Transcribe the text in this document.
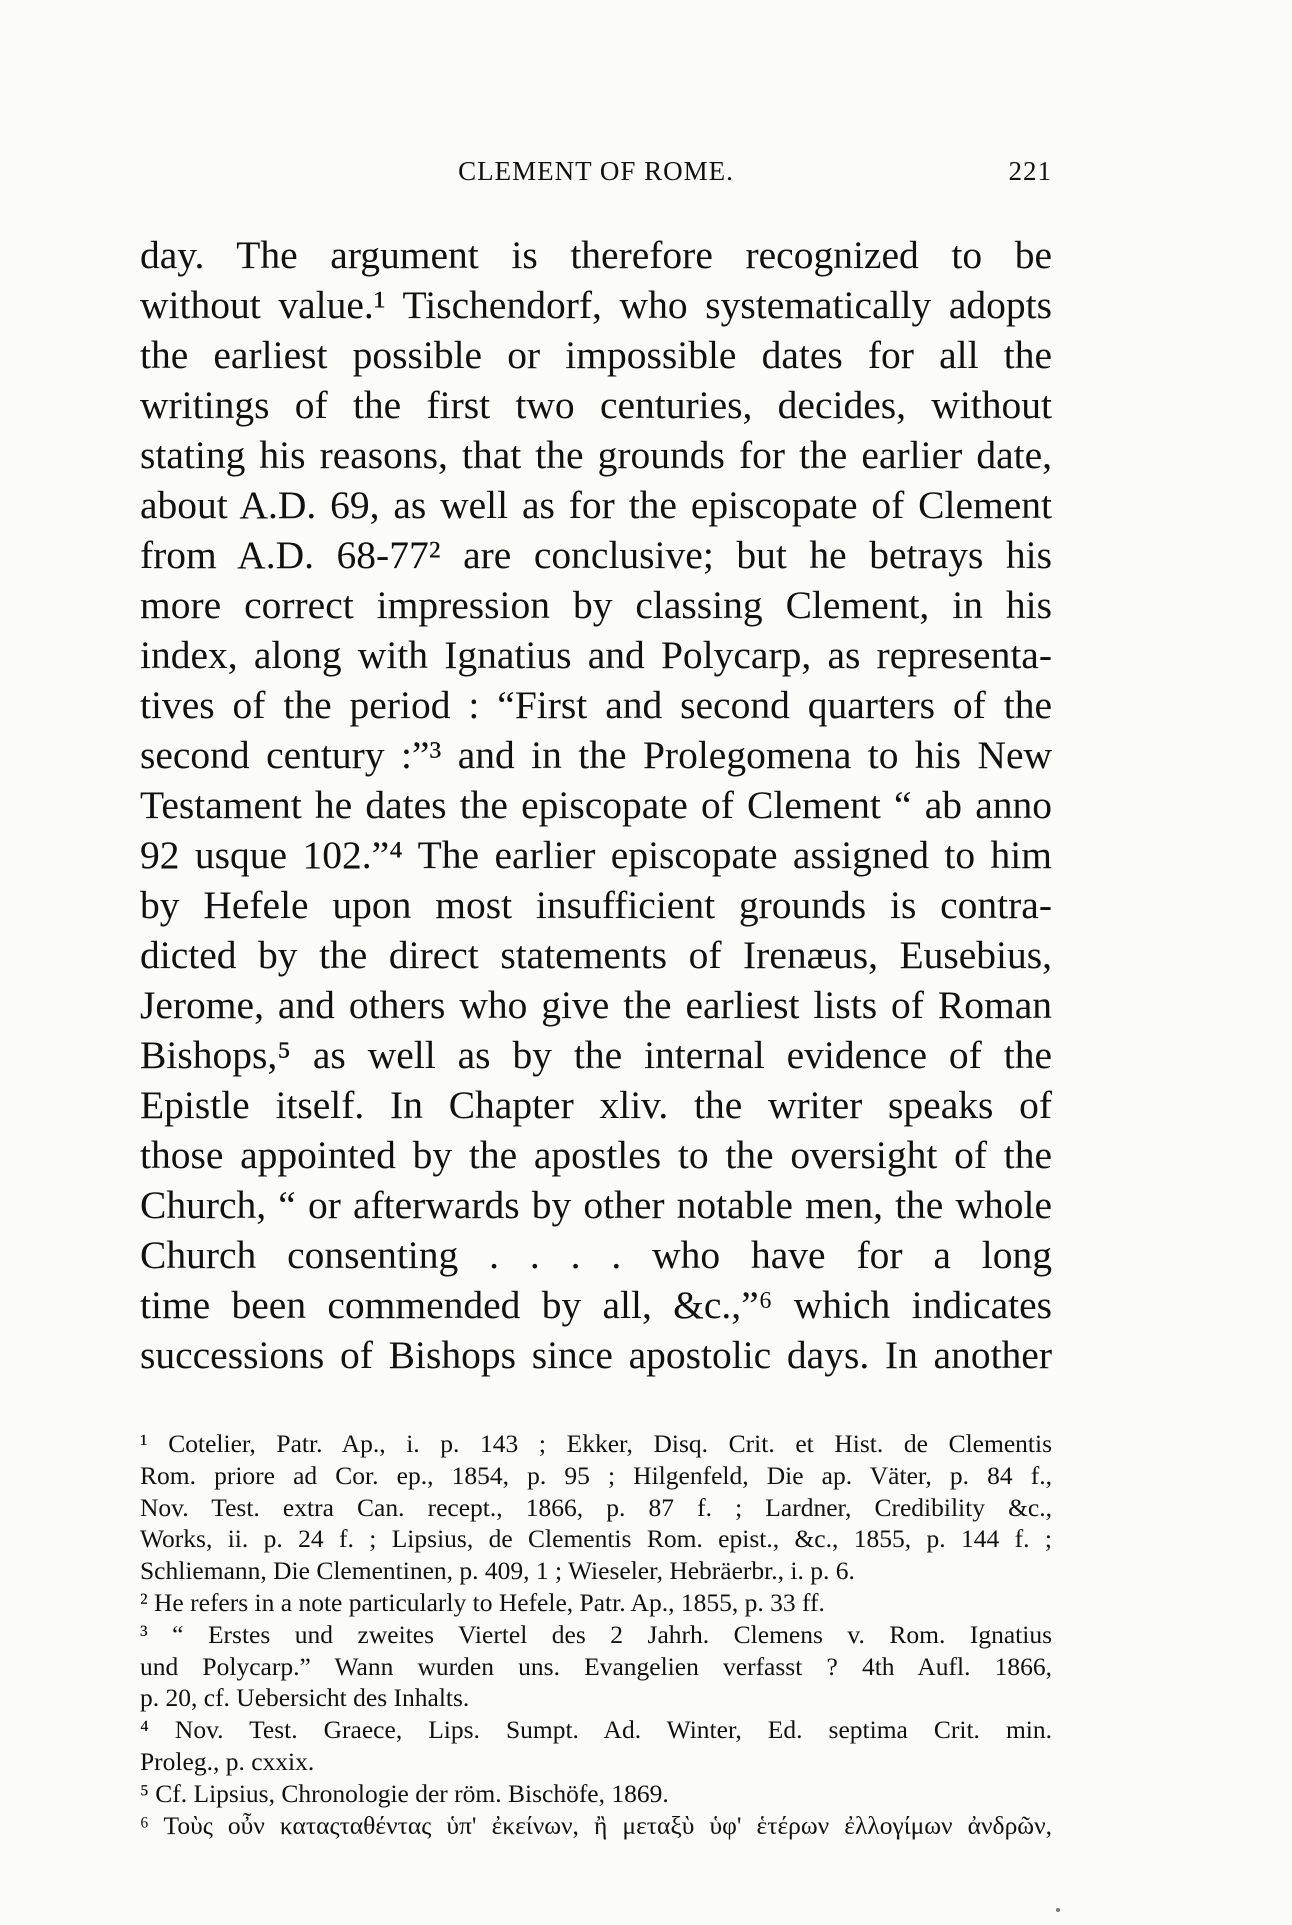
CLEMENT OF ROME.	221
day. The argument is therefore recognized to be
without value.¹ Tischendorf, who systematically adopts
the earliest possible or impossible dates for all the
writings of the first two centuries, decides, without
stating his reasons, that the grounds for the earlier date,
about A.D. 69, as well as for the episcopate of Clement
from A.D. 68-77² are conclusive; but he betrays his
more correct impression by classing Clement, in his
index, along with Ignatius and Polycarp, as representa-
tives of the period : “First and second quarters of the
second century :”³ and in the Prolegomena to his New
Testament he dates the episcopate of Clement “ ab anno
92 usque 102.”⁴ The earlier episcopate assigned to him
by Hefele upon most insufficient grounds is contra-
dicted by the direct statements of Irenæus, Eusebius,
Jerome, and others who give the earliest lists of Roman
Bishops,⁵ as well as by the internal evidence of the
Epistle itself. In Chapter xliv. the writer speaks of
those appointed by the apostles to the oversight of the
Church, “ or afterwards by other notable men, the whole
Church consenting . . . . who have for a long
time been commended by all, &c.,”⁶ which indicates
successions of Bishops since apostolic days. In another
¹ Cotelier, Patr. Ap., i. p. 143 ; Ekker, Disq. Crit. et Hist. de Clementis
Rom. priore ad Cor. ep., 1854, p. 95 ; Hilgenfeld, Die ap. Väter, p. 84 f.,
Nov. Test. extra Can. recept., 1866, p. 87 f. ; Lardner, Credibility &c.,
Works, ii. p. 24 f. ; Lipsius, de Clementis Rom. epist., &c., 1855, p. 144 f. ;
Schliemann, Die Clementinen, p. 409, 1 ; Wieseler, Hebräerbr., i. p. 6.
² He refers in a note particularly to Hefele, Patr. Ap., 1855, p. 33 ff.
³ “ Erstes und zweites Viertel des 2 Jahrh. Clemens v. Rom. Ignatius
und Polycarp.” Wann wurden uns. Evangelien verfasst ? 4th Aufl. 1866,
p. 20, cf. Uebersicht des Inhalts.
⁴ Nov. Test. Graece, Lips. Sumpt. Ad. Winter, Ed. septima Crit. min.
Proleg., p. cxxix.
⁵ Cf. Lipsius, Chronologie der röm. Bischöfe, 1869.
⁶ Τοὺς οὖν καταςταθέντας ὑπ' ἐκείνων, ἢ μεταξὺ ὑφ' ἑτέρων ἐλλογίμων ἀνδρῶν,
